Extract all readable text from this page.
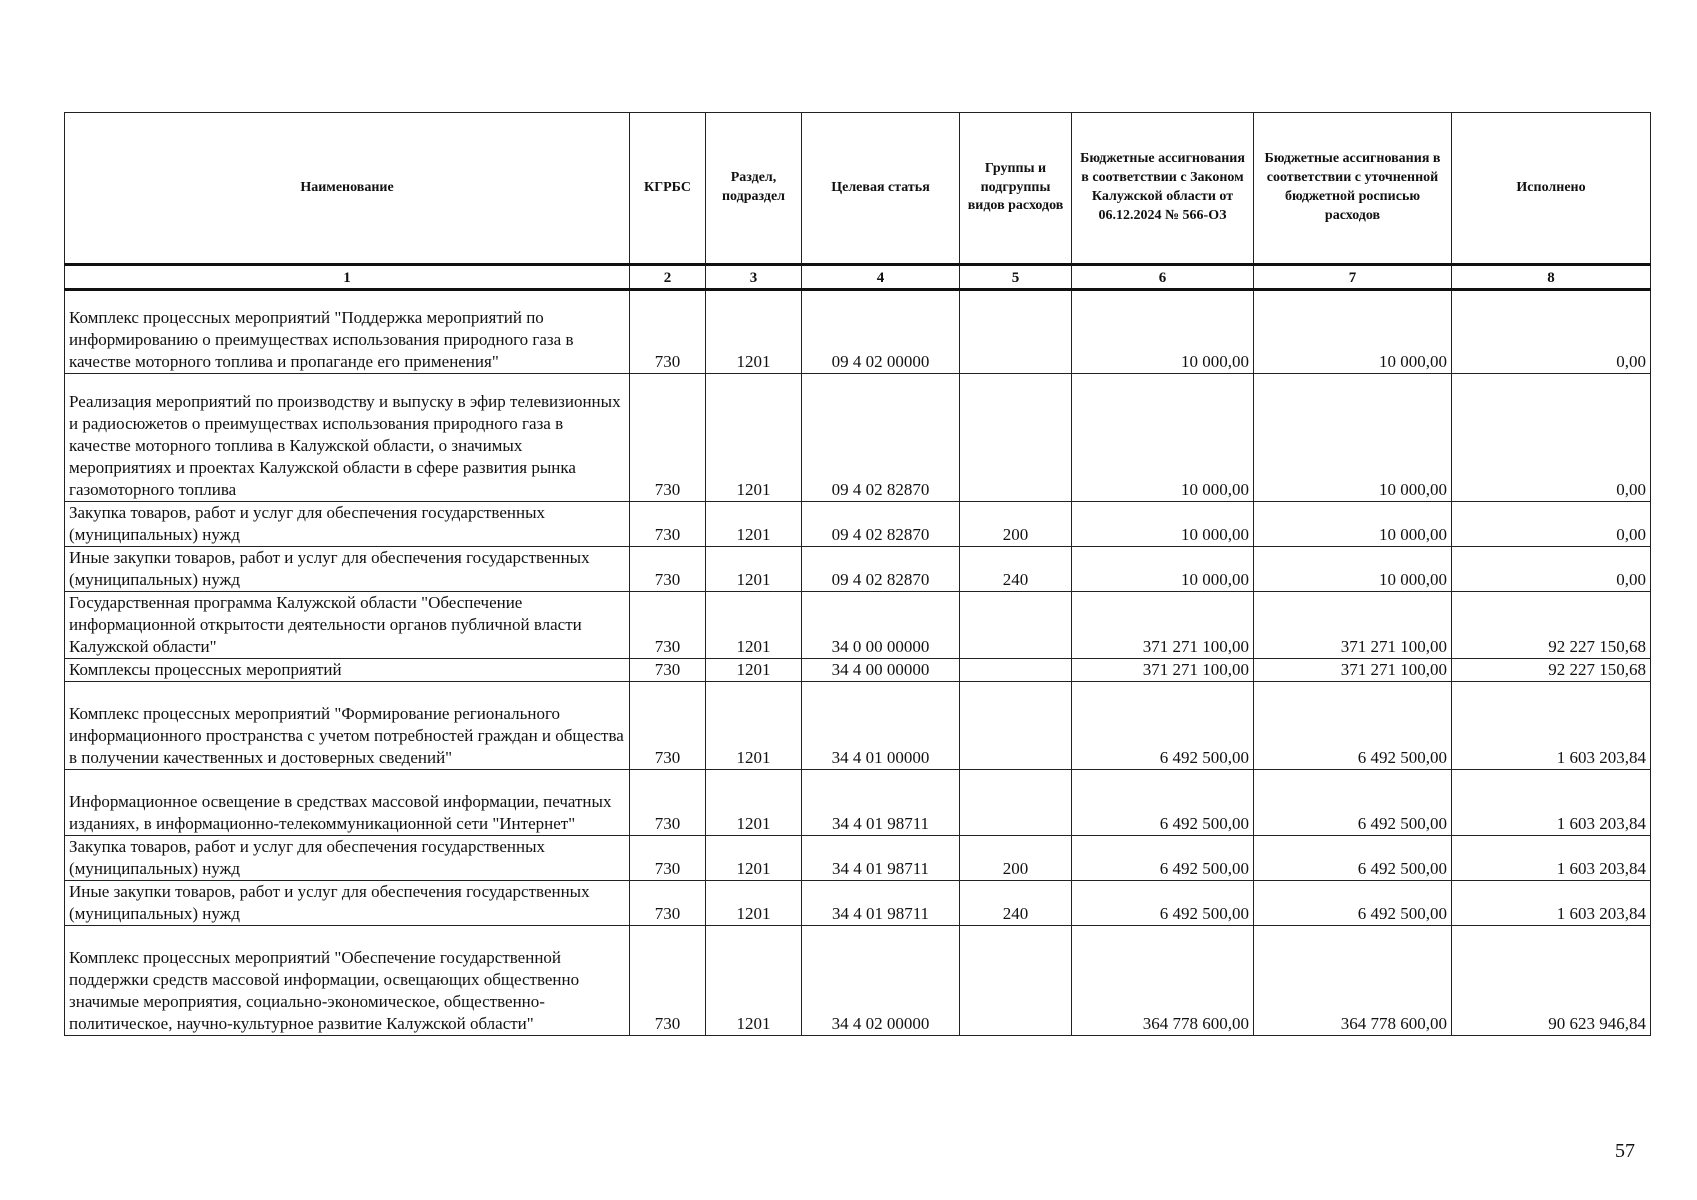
Наименование	КГРБС	Раздел, подраздел	Целевая статья	Группы и подгруппы видов расходов	Бюджетные ассигнования в соответствии с Законом Калужской области от 06.12.2024 № 566-ОЗ	Бюджетные ассигнования в соответствии с уточненной бюджетной росписью расходов	Исполнено
1	2	3	4	5	6	7	8
Комплекс процессных мероприятий "Поддержка мероприятий по информированию о преимуществах использования природного газа в качестве моторного топлива и пропаганде его применения"	730	1201	09 4 02 00000		10 000,00	10 000,00	0,00
Реализация мероприятий по производству и выпуску в эфир телевизионных и радиосюжетов о преимуществах использования природного газа в качестве моторного топлива в Калужской области, о значимых мероприятиях и проектах Калужской области в сфере развития рынка газомоторного топлива	730	1201	09 4 02 82870		10 000,00	10 000,00	0,00
Закупка товаров, работ и услуг для обеспечения государственных (муниципальных) нужд	730	1201	09 4 02 82870	200	10 000,00	10 000,00	0,00
Иные закупки товаров, работ и услуг для обеспечения государственных (муниципальных) нужд	730	1201	09 4 02 82870	240	10 000,00	10 000,00	0,00
Государственная программа Калужской области "Обеспечение информационной открытости деятельности органов публичной власти Калужской области"	730	1201	34 0 00 00000		371 271 100,00	371 271 100,00	92 227 150,68
Комплексы процессных мероприятий	730	1201	34 4 00 00000		371 271 100,00	371 271 100,00	92 227 150,68
Комплекс процессных мероприятий "Формирование регионального информационного пространства с учетом потребностей граждан и общества в получении качественных и достоверных сведений"	730	1201	34 4 01 00000		6 492 500,00	6 492 500,00	1 603 203,84
Информационное освещение в средствах массовой информации, печатных изданиях, в информационно-телекоммуникационной сети "Интернет"	730	1201	34 4 01 98711		6 492 500,00	6 492 500,00	1 603 203,84
Закупка товаров, работ и услуг для обеспечения государственных (муниципальных) нужд	730	1201	34 4 01 98711	200	6 492 500,00	6 492 500,00	1 603 203,84
Иные закупки товаров, работ и услуг для обеспечения государственных (муниципальных) нужд	730	1201	34 4 01 98711	240	6 492 500,00	6 492 500,00	1 603 203,84
Комплекс процессных мероприятий "Обеспечение государственной поддержки средств массовой информации, освещающих общественно значимые мероприятия, социально-экономическое, общественно-политическое, научно-культурное развитие Калужской области"	730	1201	34 4 02 00000		364 778 600,00	364 778 600,00	90 623 946,84
57
